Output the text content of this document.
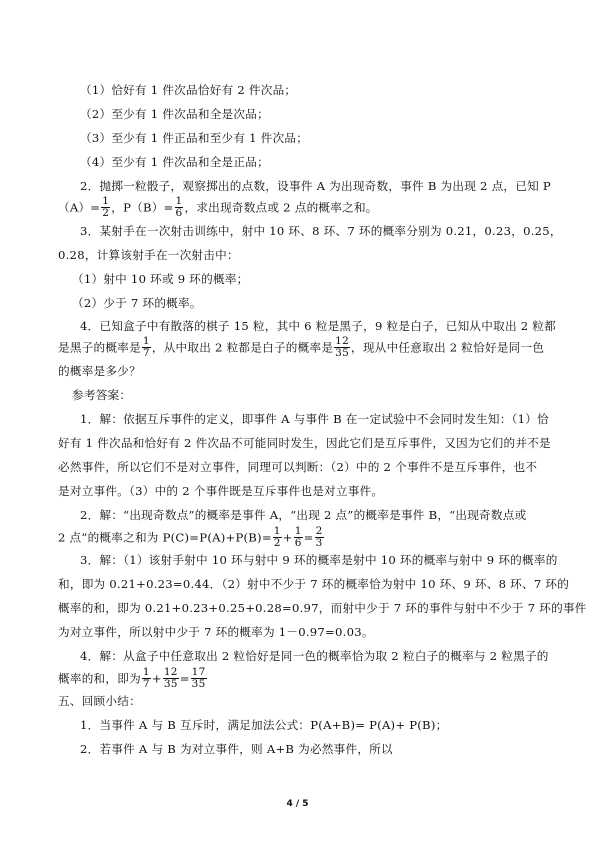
（1）恰好有 1 件次品恰好有 2 件次品；
（2）至少有 1 件次品和全是次品；
（3）至少有 1 件正品和至少有 1 件次品；
（4）至少有 1 件次品和全是正品；
2．抛掷一粒骰子，观察掷出的点数，设事件 A 为出现奇数，事件 B 为出现 2 点，已知 P
$(A)= \frac{1}{2}$ ，$P(B)= \frac{1}{6}$ ，求出现奇数点或 2 点的概率之和。
3．某射手在一次射击训练中，射中 10 环、8 环、7 环的概率分别为 0.21，0.23，0.25，
0.28，计算该射手在一次射击中：
（1）射中 10 环或 9 环的概率；
（2）少于 7 环的概率。
4．已知盒子中有散落的棋子 15 粒，其中 6 粒是黑子，9 粒是白子，已知从中取出 2 粒都
是黑子的概率是 $\frac{1}{7}$ ，从中取出 2 粒都是白子的概率是 $\frac{12}{35}$ ，现从中任意取出 2 粒恰好是同一色
的概率是多少？
参考答案：
1．解：依据互斥事件的定义，即事件 A 与事件 B 在一定试验中不会同时发生知：（1）恰
好有 1 件次品和恰好有 2 件次品不可能同时发生，因此它们是互斥事件，又因为它们的并不是
必然事件，所以它们不是对立事件，同理可以判断：（2）中的 2 个事件不是互斥事件，也不
是对立事件。（3）中的 2 个事件既是互斥事件也是对立事件。
2．解：“出现奇数点”的概率是事件 A，“出现 2 点”的概率是事件 B，“出现奇数点或
2 点”的概率之和为 $P(C)=P(A)+P(B)= \frac{1}{2} + \frac{1}{6} = \frac{2}{3}$
3．解：（1）该射手射中 10 环与射中 9 环的概率是射中 10 环的概率与射中 9 环的概率的
和，即为 0.21+0.23=0.44．（2）射中不少于 7 环的概率恰为射中 10 环、9 环、8 环、7 环的
概率的和，即为 0.21+0.23+0.25+0.28=0.97，而射中少于 7 环的事件与射中不少于 7 环的事件
为对立事件，所以射中少于 7 环的概率为 1－0.97=0.03。
4．解：从盒子中任意取出 2 粒恰好是同一色的概率恰为取 2 粒白子的概率与 2 粒黑子的
概率的和，即为 $\frac{1}{7} + \frac{12}{35} = \frac{17}{35}$
五、回顾小结：
1．当事件 A 与 B 互斥时，满足加法公式：P(A+B)= P(A)+ P(B)；
2．若事件 A 与 B 为对立事件，则 A+B 为必然事件，所以
4 / 5
